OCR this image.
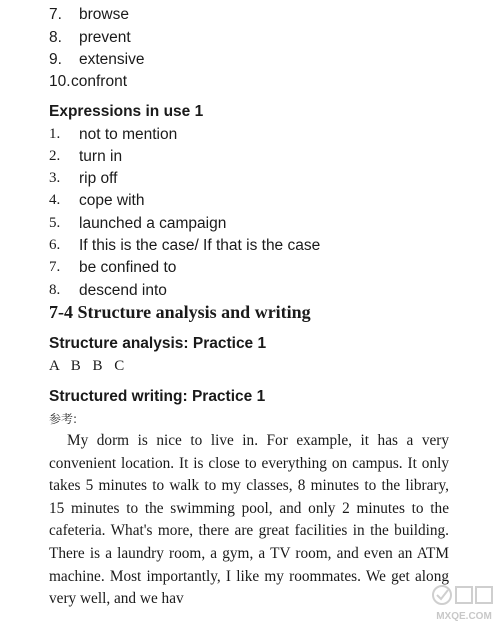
7. browse
8. prevent
9. extensive
10. confront
Expressions in use 1
1. not to mention
2. turn in
3. rip off
4. cope with
5. launched a campaign
6. If this is the case/ If that is the case
7. be confined to
8. descend into
7-4 Structure analysis and writing
Structure analysis: Practice 1
A B B C
Structured writing: Practice 1
参考:
My dorm is nice to live in. For example, it has a very convenient location. It is close to everything on campus. It only takes 5 minutes to walk to my classes, 8 minutes to the library, 15 minutes to the swimming pool, and only 2 minutes to the cafeteria. What's more, there are great facilities in the building. There is a laundry room, a gym, a TV room, and even an ATM machine. Most importantly, I like my roommates. We get along very well, and we hav
MXQE.COM
